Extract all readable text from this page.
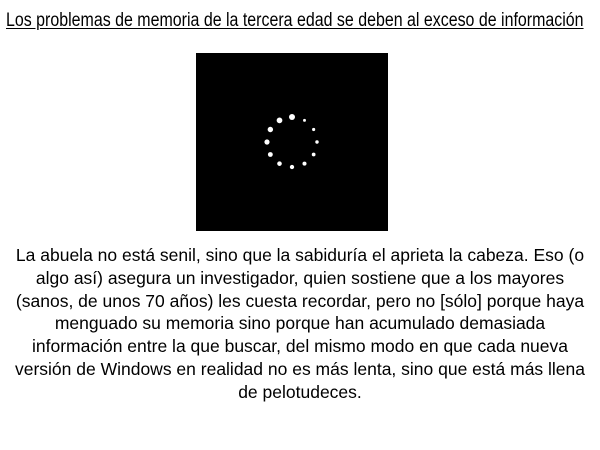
Los problemas de memoria de la tercera edad se deben al exceso de información

La abuela no está senil, sino que la sabiduría el aprieta la cabeza. Eso (o algo así) asegura un investigador, quien sostiene que a los mayores (sanos, de unos 70 años) les cuesta recordar, pero no [sólo] porque haya menguado su memoria sino porque han acumulado demasiada información entre la que buscar, del mismo modo en que cada nueva versión de Windows en realidad no es más lenta, sino que está más llena de pelotudeces.
